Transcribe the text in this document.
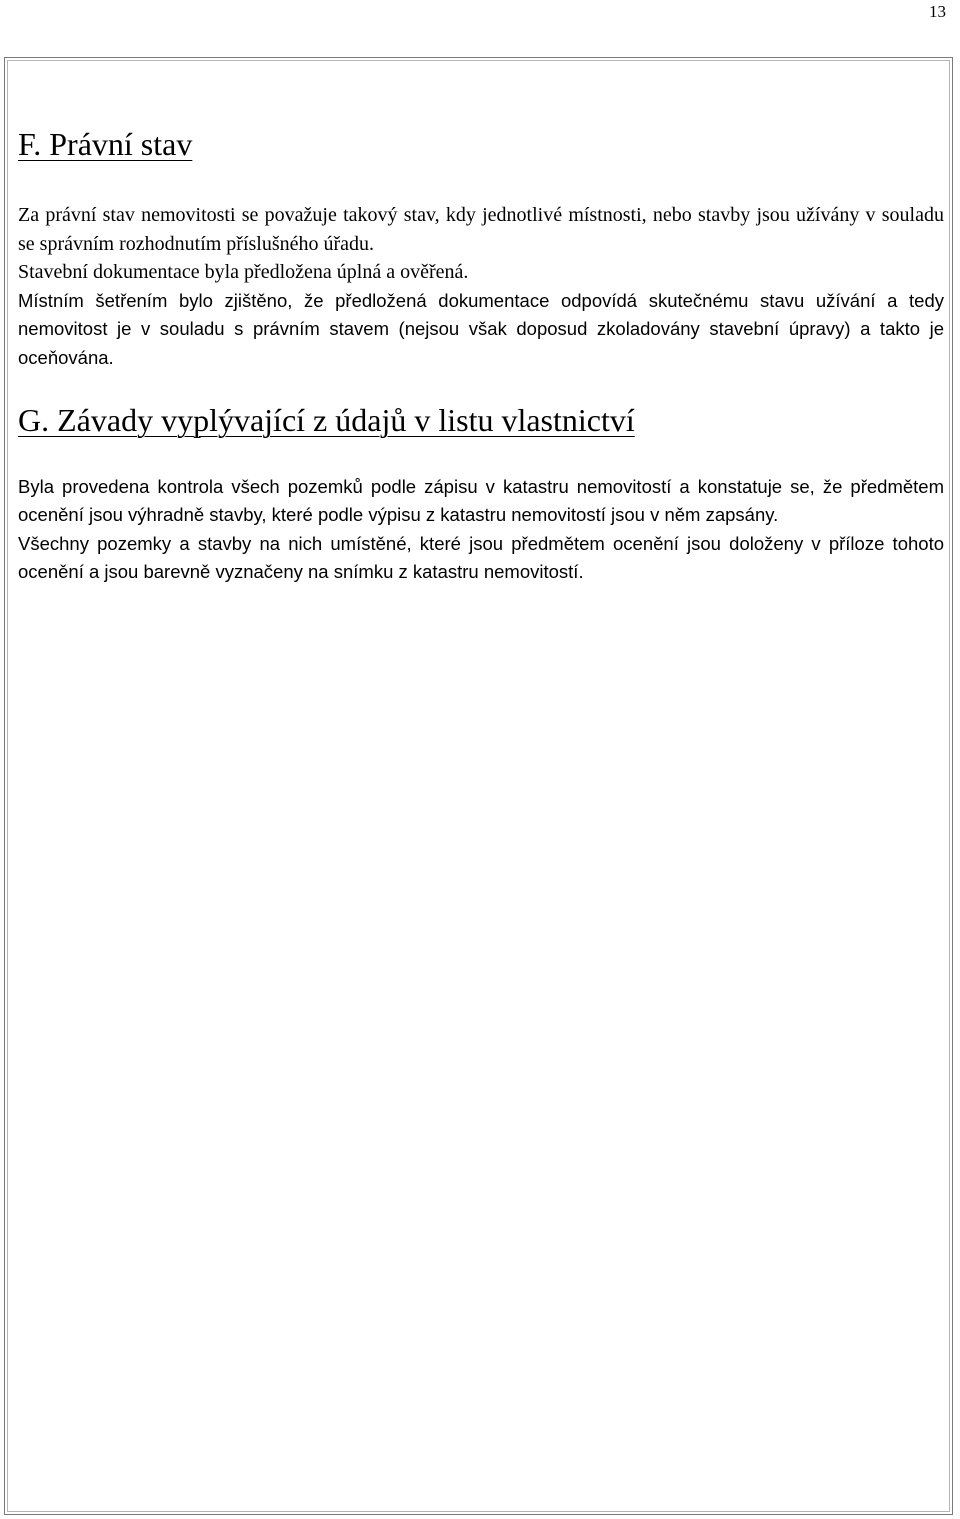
13
F. Právní stav

Za právní stav nemovitosti se považuje takový stav, kdy jednotlivé místnosti, nebo stavby jsou užívány v souladu se správním rozhodnutím příslušného úřadu.

Stavební dokumentace byla předložena úplná a ověřená.

Místním šetřením bylo zjištěno, že předložená dokumentace odpovídá skutečnému stavu užívání a tedy nemovitost je v souladu s právním stavem (nejsou však doposud zkoladovány stavební úpravy) a takto je oceňována.

G. Závady vyplývající z údajů v listu vlastnictví

Byla provedena kontrola všech pozemků podle zápisu v katastru nemovitostí a konstatuje se, že předmětem ocenění jsou výhradně stavby, které podle výpisu z katastru nemovitostí jsou v něm zapsány.

Všechny pozemky a stavby na nich umístěné, které jsou předmětem ocenění jsou doloženy v příloze tohoto ocenění a jsou barevně vyznačeny na snímku z katastru nemovitostí.
